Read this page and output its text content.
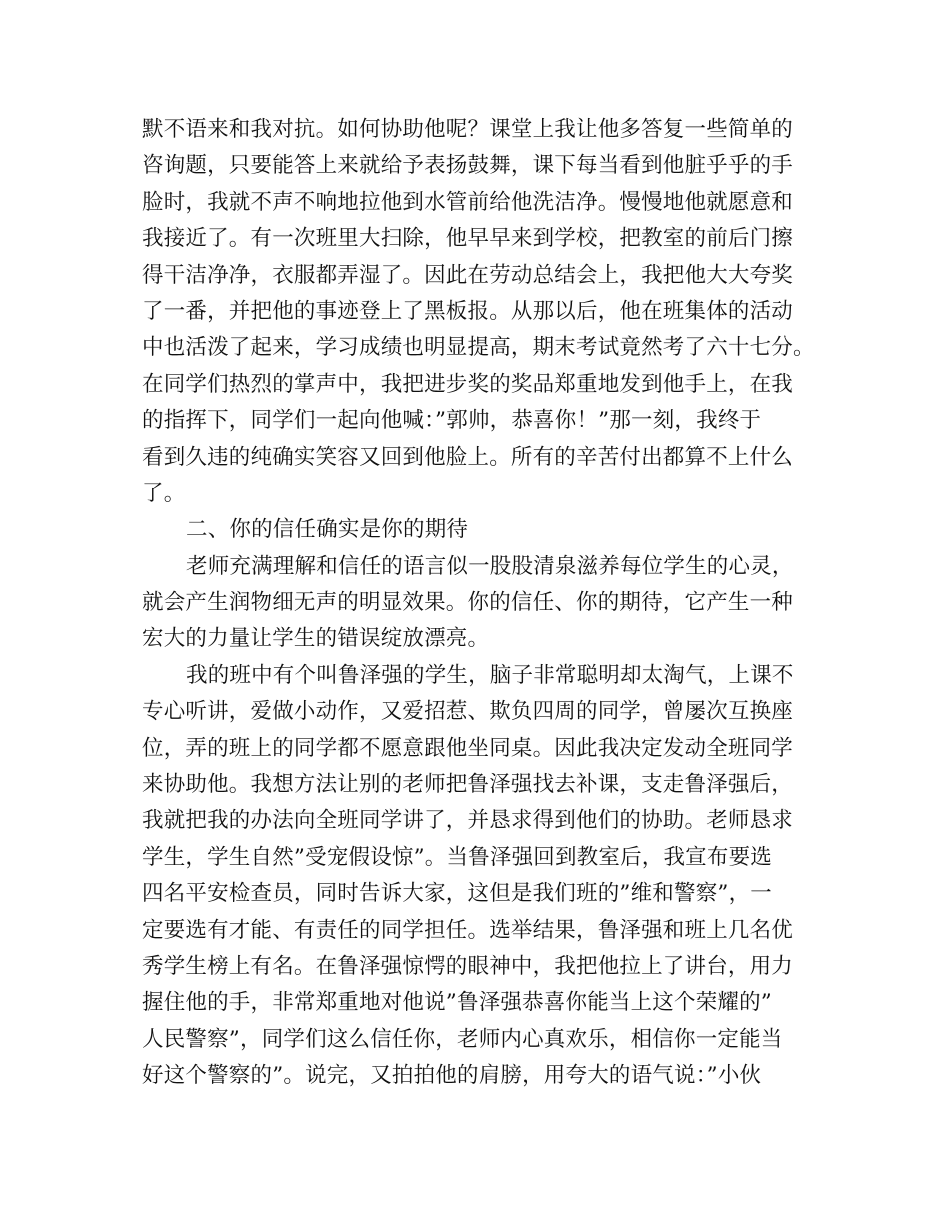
默不语来和我对抗。如何协助他呢？课堂上我让他多答复一些简单的
咨询题，只要能答上来就给予表扬鼓舞，课下每当看到他脏乎乎的手
脸时，我就不声不响地拉他到水管前给他洗洁净。慢慢地他就愿意和
我接近了。有一次班里大扫除，他早早来到学校，把教室的前后门擦
得干洁净净，衣服都弄湿了。因此在劳动总结会上，我把他大大夸奖
了一番，并把他的事迹登上了黑板报。从那以后，他在班集体的活动
中也活泼了起来，学习成绩也明显提高，期末考试竟然考了六十七分。
在同学们热烈的掌声中，我把进步奖的奖品郑重地发到他手上，在我
的指挥下，同学们一起向他喊：”郭帅，恭喜你！”那一刻，我终于
看到久违的纯确实笑容又回到他脸上。所有的辛苦付出都算不上什么
了。
二、你的信任确实是你的期待
老师充满理解和信任的语言似一股股清泉滋养每位学生的心灵，
就会产生润物细无声的明显效果。你的信任、你的期待，它产生一种
宏大的力量让学生的错误绽放漂亮。
我的班中有个叫鲁泽强的学生，脑子非常聪明却太淘气，上课不
专心听讲，爱做小动作，又爱招惹、欺负四周的同学，曾屡次互换座
位，弄的班上的同学都不愿意跟他坐同桌。因此我决定发动全班同学
来协助他。我想方法让别的老师把鲁泽强找去补课，支走鲁泽强后，
我就把我的办法向全班同学讲了，并恳求得到他们的协助。老师恳求
学生，学生自然”受宠假设惊”。当鲁泽强回到教室后，我宣布要选
四名平安检查员，同时告诉大家，这但是我们班的”维和警察”，一
定要选有才能、有责任的同学担任。选举结果，鲁泽强和班上几名优
秀学生榜上有名。在鲁泽强惊愕的眼神中，我把他拉上了讲台，用力
握住他的手，非常郑重地对他说”鲁泽强恭喜你能当上这个荣耀的”
人民警察”，同学们这么信任你，老师内心真欢乐，相信你一定能当
好这个警察的”。说完，又拍拍他的肩膀，用夸大的语气说：”小伙
